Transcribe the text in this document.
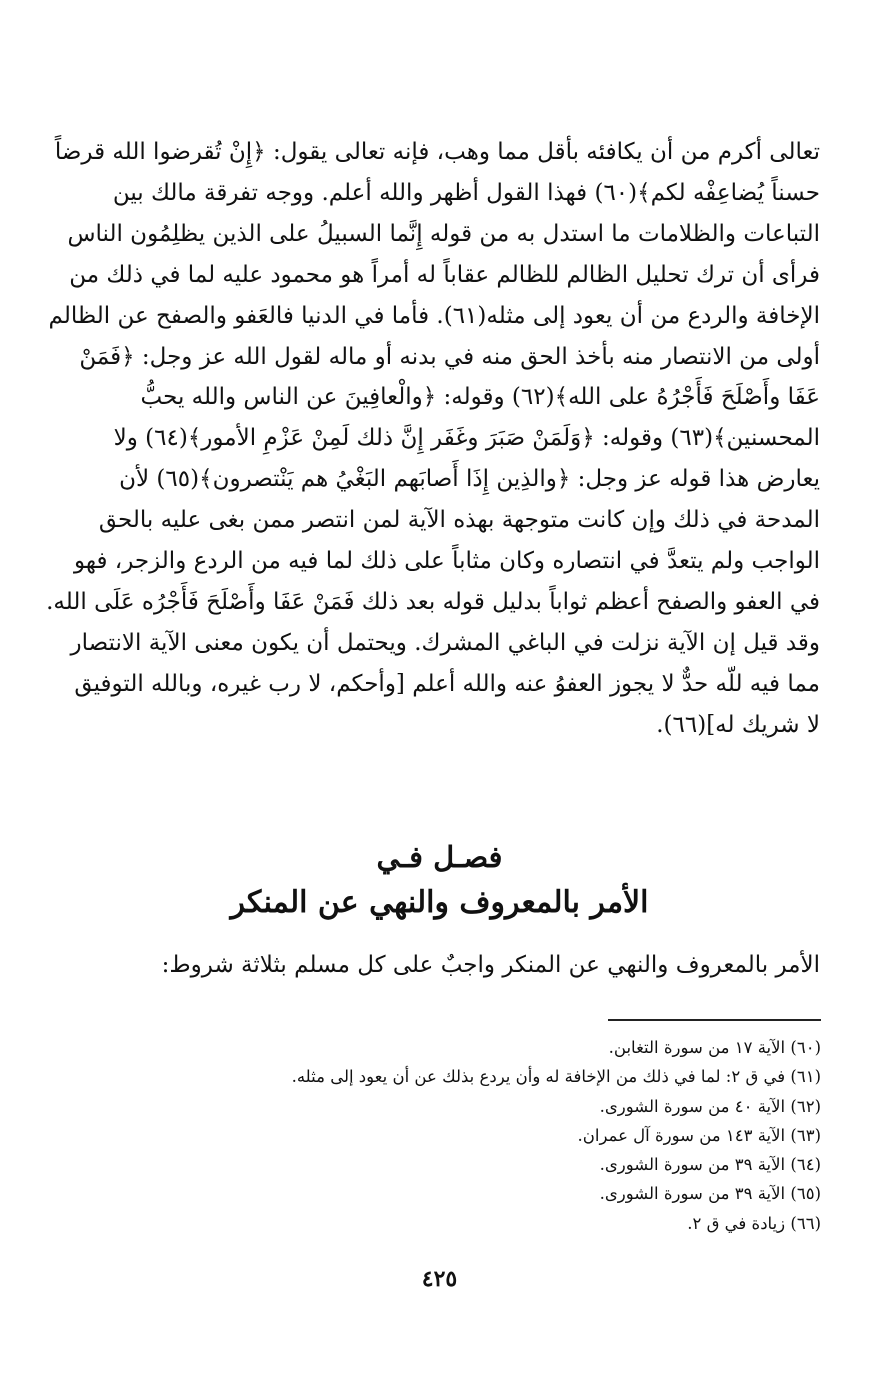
تعالى أكرم من أن يكافئه بأقل مما وهب، فإنه تعالى يقول: ﴿إِنْ تُقرضوا الله قرضاً
حسناً يُضاعِفْه لكم﴾(٦٠) فهذا القول أظهر والله أعلم. ووجه تفرقة مالك بين
التباعات والظلامات ما استدل به من قوله إِنَّما السبيلُ على الذين يظلِمُون الناس
فرأى أن ترك تحليل الظالم للظالم عقاباً له أمراً هو محمود عليه لما في ذلك من
الإخافة والردع من أن يعود إلى مثله(٦١). فأما في الدنيا فالعَفو والصفح عن الظالم
أولى من الانتصار منه بأخذ الحق منه في بدنه أو ماله لقول الله عز وجل: ﴿فَمَنْ
عَفَا وأَصْلَحَ فَأَجْرُهُ على الله﴾(٦٢) وقوله: ﴿والْعافِينَ عن الناس والله يحبُّ
المحسنين﴾(٦٣) وقوله: ﴿وَلَمَنْ صَبَرَ وغَفَر إِنَّ ذلك لَمِنْ عَزْمِ الأمور﴾(٦٤) ولا
يعارض هذا قوله عز وجل: ﴿والذِين إِذَا أَصابَهم البَغْيُ هم يَنْتصرون﴾(٦٥) لأن
المدحة في ذلك وإن كانت متوجهة بهذه الآية لمن انتصر ممن بغى عليه بالحق
الواجب ولم يتعدَّ في انتصاره وكان مثاباً على ذلك لما فيه من الردع والزجر، فهو
في العفو والصفح أعظم ثواباً بدليل قوله بعد ذلك فَمَنْ عَفَا وأَصْلَحَ فَأَجْرُه عَلَى الله.
وقد قيل إن الآية نزلت في الباغي المشرك. ويحتمل أن يكون معنى الآية الانتصار
مما فيه للّه حدٌّ لا يجوز العفوُ عنه والله أعلم [وأحكم، لا رب غيره، وبالله التوفيق
لا شريك له](٦٦).
فصـل فـي
الأمر بالمعروف والنهي عن المنكر
الأمر بالمعروف والنهي عن المنكر واجبٌ على كل مسلم بثلاثة شروط:
(٦٠) الآية ١٧ من سورة التغابن.
(٦١) في ق ٢: لما في ذلك من الإخافة له وأن يردع بذلك عن أن يعود إلى مثله.
(٦٢) الآية ٤٠ من سورة الشورى.
(٦٣) الآية ١٤٣ من سورة آل عمران.
(٦٤) الآية ٣٩ من سورة الشورى.
(٦٥) الآية ٣٩ من سورة الشورى.
(٦٦) زيادة في ق ٢.
٤٢٥
